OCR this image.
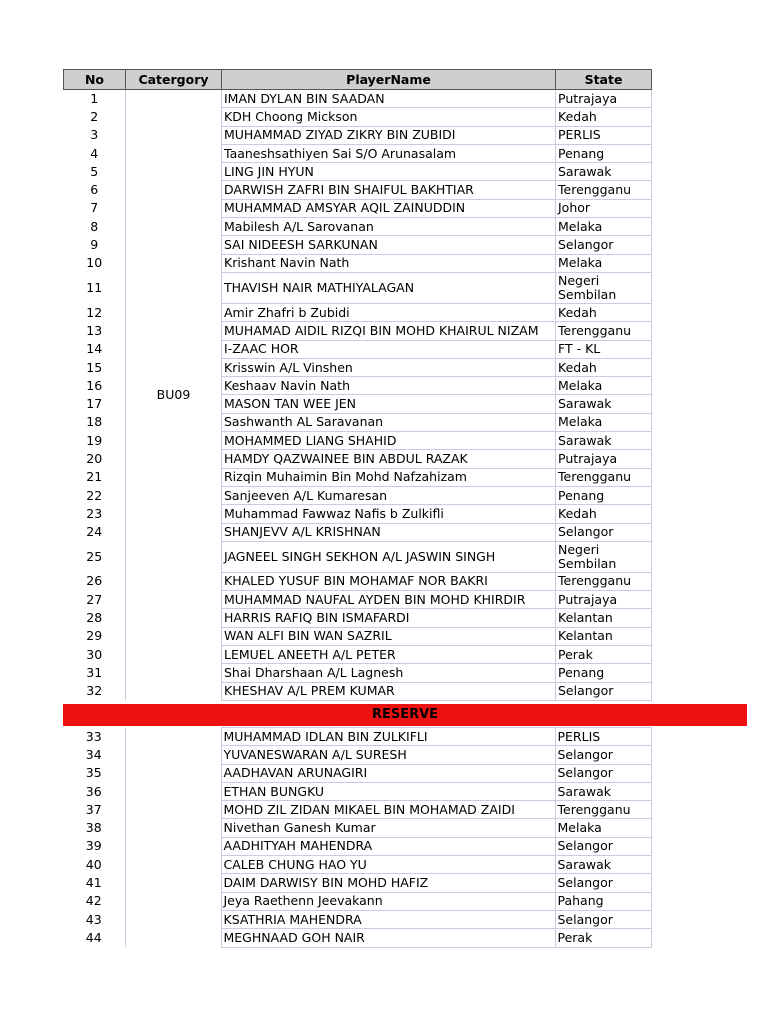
No	Catergory	PlayerName	State
1	BU09	IMAN DYLAN BIN SAADAN	Putrajaya
2		KDH Choong Mickson	Kedah
3		MUHAMMAD ZIYAD ZIKRY BIN ZUBIDI	PERLIS
4		Taaneshsathiyen Sai S/O Arunasalam	Penang
5		LING JIN HYUN	Sarawak
6		DARWISH ZAFRI BIN SHAIFUL BAKHTIAR	Terengganu
7		MUHAMMAD AMSYAR AQIL ZAINUDDIN	Johor
8		Mabilesh A/L Sarovanan	Melaka
9		SAI NIDEESH SARKUNAN	Selangor
10		Krishant Navin Nath	Melaka
11		THAVISH NAIR MATHIYALAGAN	Negeri Sembilan
12		Amir Zhafri b Zubidi	Kedah
13		MUHAMAD AIDIL RIZQI BIN MOHD KHAIRUL NIZAM	Terengganu
14		I-ZAAC HOR	FT - KL
15		Krisswin A/L Vinshen	Kedah
16		Keshaav Navin Nath	Melaka
17		MASON TAN WEE JEN	Sarawak
18		Sashwanth AL Saravanan	Melaka
19		MOHAMMED LIANG SHAHID	Sarawak
20		HAMDY QAZWAINEE BIN ABDUL RAZAK	Putrajaya
21		Rizqin Muhaimin Bin Mohd Nafzahizam	Terengganu
22		Sanjeeven A/L Kumaresan	Penang
23		Muhammad Fawwaz Nafis b Zulkifli	Kedah
24		SHANJEVV A/L KRISHNAN	Selangor
25		JAGNEEL SINGH SEKHON A/L JASWIN SINGH	Negeri Sembilan
26		KHALED YUSUF BIN MOHAMAF NOR BAKRI	Terengganu
27		MUHAMMAD NAUFAL AYDEN BIN MOHD KHIRDIR	Putrajaya
28		HARRIS RAFIQ BIN ISMAFARDI	Kelantan
29		WAN ALFI BIN WAN SAZRIL	Kelantan
30		LEMUEL ANEETH A/L PETER	Perak
31		Shai Dharshaan A/L Lagnesh	Penang
32		KHESHAV A/L PREM KUMAR	Selangor
RESERVE
33		MUHAMMAD IDLAN BIN ZULKIFLI	PERLIS
34		YUVANESWARAN A/L SURESH	Selangor
35		AADHAVAN ARUNAGIRI	Selangor
36		ETHAN BUNGKU	Sarawak
37		MOHD ZIL ZIDAN MIKAEL BIN MOHAMAD ZAIDI	Terengganu
38		Nivethan Ganesh Kumar	Melaka
39		AADHITYAH MAHENDRA	Selangor
40		CALEB CHUNG HAO YU	Sarawak
41		DAIM DARWISY BIN MOHD HAFIZ	Selangor
42		Jeya Raethenn Jeevakann	Pahang
43		KSATHRIA MAHENDRA	Selangor
44		MEGHNAAD GOH NAIR	Perak
